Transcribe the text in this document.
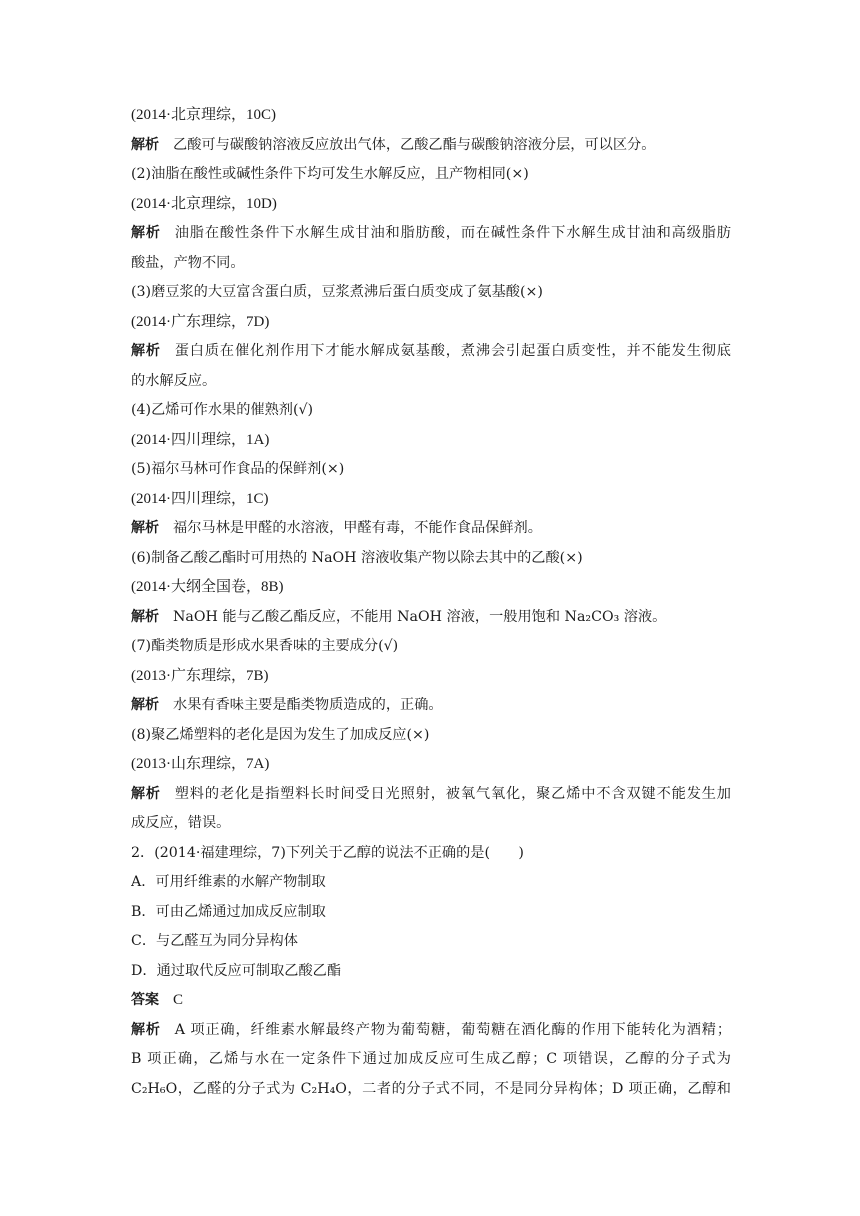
(2014·北京理综，10C)
解析 乙酸可与碳酸钠溶液反应放出气体，乙酸乙酯与碳酸钠溶液分层，可以区分。
(2)油脂在酸性或碱性条件下均可发生水解反应，且产物相同(×)
(2014·北京理综，10D)
解析 油脂在酸性条件下水解生成甘油和脂肪酸，而在碱性条件下水解生成甘油和高级脂肪
酸盐，产物不同。
(3)磨豆浆的大豆富含蛋白质，豆浆煮沸后蛋白质变成了氨基酸(×)
(2014·广东理综，7D)
解析 蛋白质在催化剂作用下才能水解成氨基酸，煮沸会引起蛋白质变性，并不能发生彻底
的水解反应。
(4)乙烯可作水果的催熟剂(√)
(2014·四川理综，1A)
(5)福尔马林可作食品的保鲜剂(×)
(2014·四川理综，1C)
解析 福尔马林是甲醛的水溶液，甲醛有毒，不能作食品保鲜剂。
(6)制备乙酸乙酯时可用热的 NaOH 溶液收集产物以除去其中的乙酸(×)
(2014·大纲全国卷，8B)
解析 NaOH 能与乙酸乙酯反应，不能用 NaOH 溶液，一般用饱和 Na₂CO₃ 溶液。
(7)酯类物质是形成水果香味的主要成分(√)
(2013·广东理综，7B)
解析 水果有香味主要是酯类物质造成的，正确。
(8)聚乙烯塑料的老化是因为发生了加成反应(×)
(2013·山东理综，7A)
解析 塑料的老化是指塑料长时间受日光照射，被氧气氧化，聚乙烯中不含双键不能发生加
成反应，错误。
2．(2014·福建理综，7)下列关于乙醇的说法不正确的是(　　)
A．可用纤维素的水解产物制取
B．可由乙烯通过加成反应制取
C．与乙醛互为同分异构体
D．通过取代反应可制取乙酸乙酯
答案 C
解析 A 项正确，纤维素水解最终产物为葡萄糖，葡萄糖在酒化酶的作用下能转化为酒精；
B 项正确，乙烯与水在一定条件下通过加成反应可生成乙醇；C 项错误，乙醇的分子式为
C₂H₆O，乙醛的分子式为 C₂H₄O，二者的分子式不同，不是同分异构体；D 项正确，乙醇和
